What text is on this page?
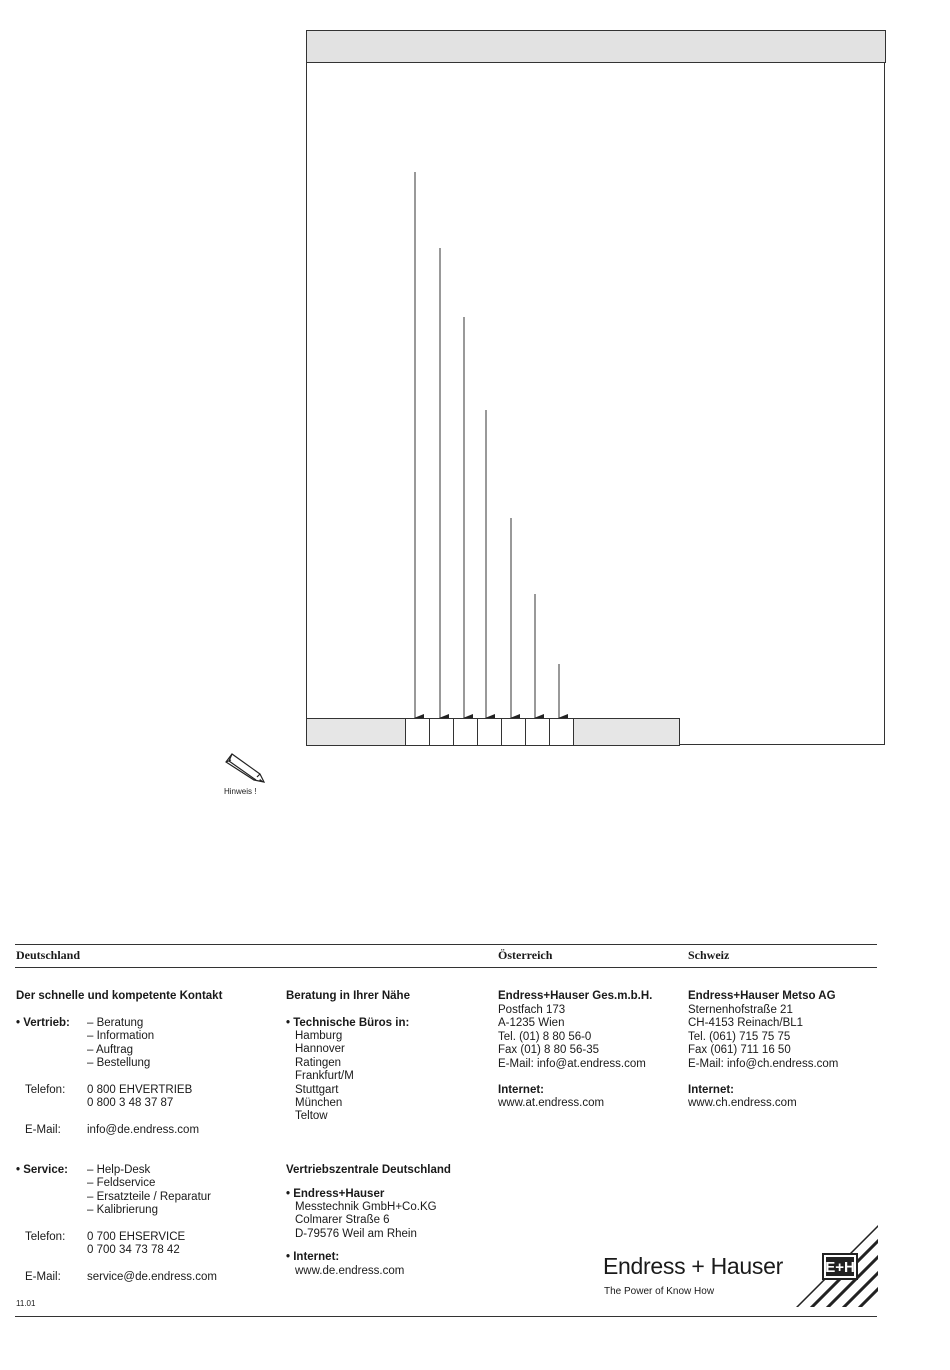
Hinweis !
Deutschland	Österreich	Schweiz
Der schnelle und kompetente Kontakt
• Vertrieb: – Beratung
– Information
– Auftrag
– Bestellung
Telefon: 0 800 EHVERTRIEB
0 800 3 48 37 87
E-Mail: info@de.endress.com
• Service: – Help-Desk
– Feldservice
– Ersatzteile / Reparatur
– Kalibrierung
Telefon: 0 700 EHSERVICE
0 700 34 73 78 42
E-Mail: service@de.endress.com
11.01
Beratung in Ihrer Nähe
• Technische Büros in:
Hamburg
Hannover
Ratingen
Frankfurt/M
Stuttgart
München
Teltow
Vertriebszentrale Deutschland
• Endress+Hauser
Messtechnik GmbH+Co.KG
Colmarer Straße 6
D-79576 Weil am Rhein
• Internet:
www.de.endress.com
Endress+Hauser Ges.m.b.H.
Postfach 173
A-1235 Wien
Tel. (01) 8 80 56-0
Fax (01) 8 80 56-35
E-Mail: info@at.endress.com
Internet:
www.at.endress.com
Endress+Hauser Metso AG
Sternenhofstraße 21
CH-4153 Reinach/BL1
Tel. (061) 715 75 75
Fax (061) 711 16 50
E-Mail: info@ch.endress.com
Internet:
www.ch.endress.com
Endress + Hauser
The Power of Know How
E+H
